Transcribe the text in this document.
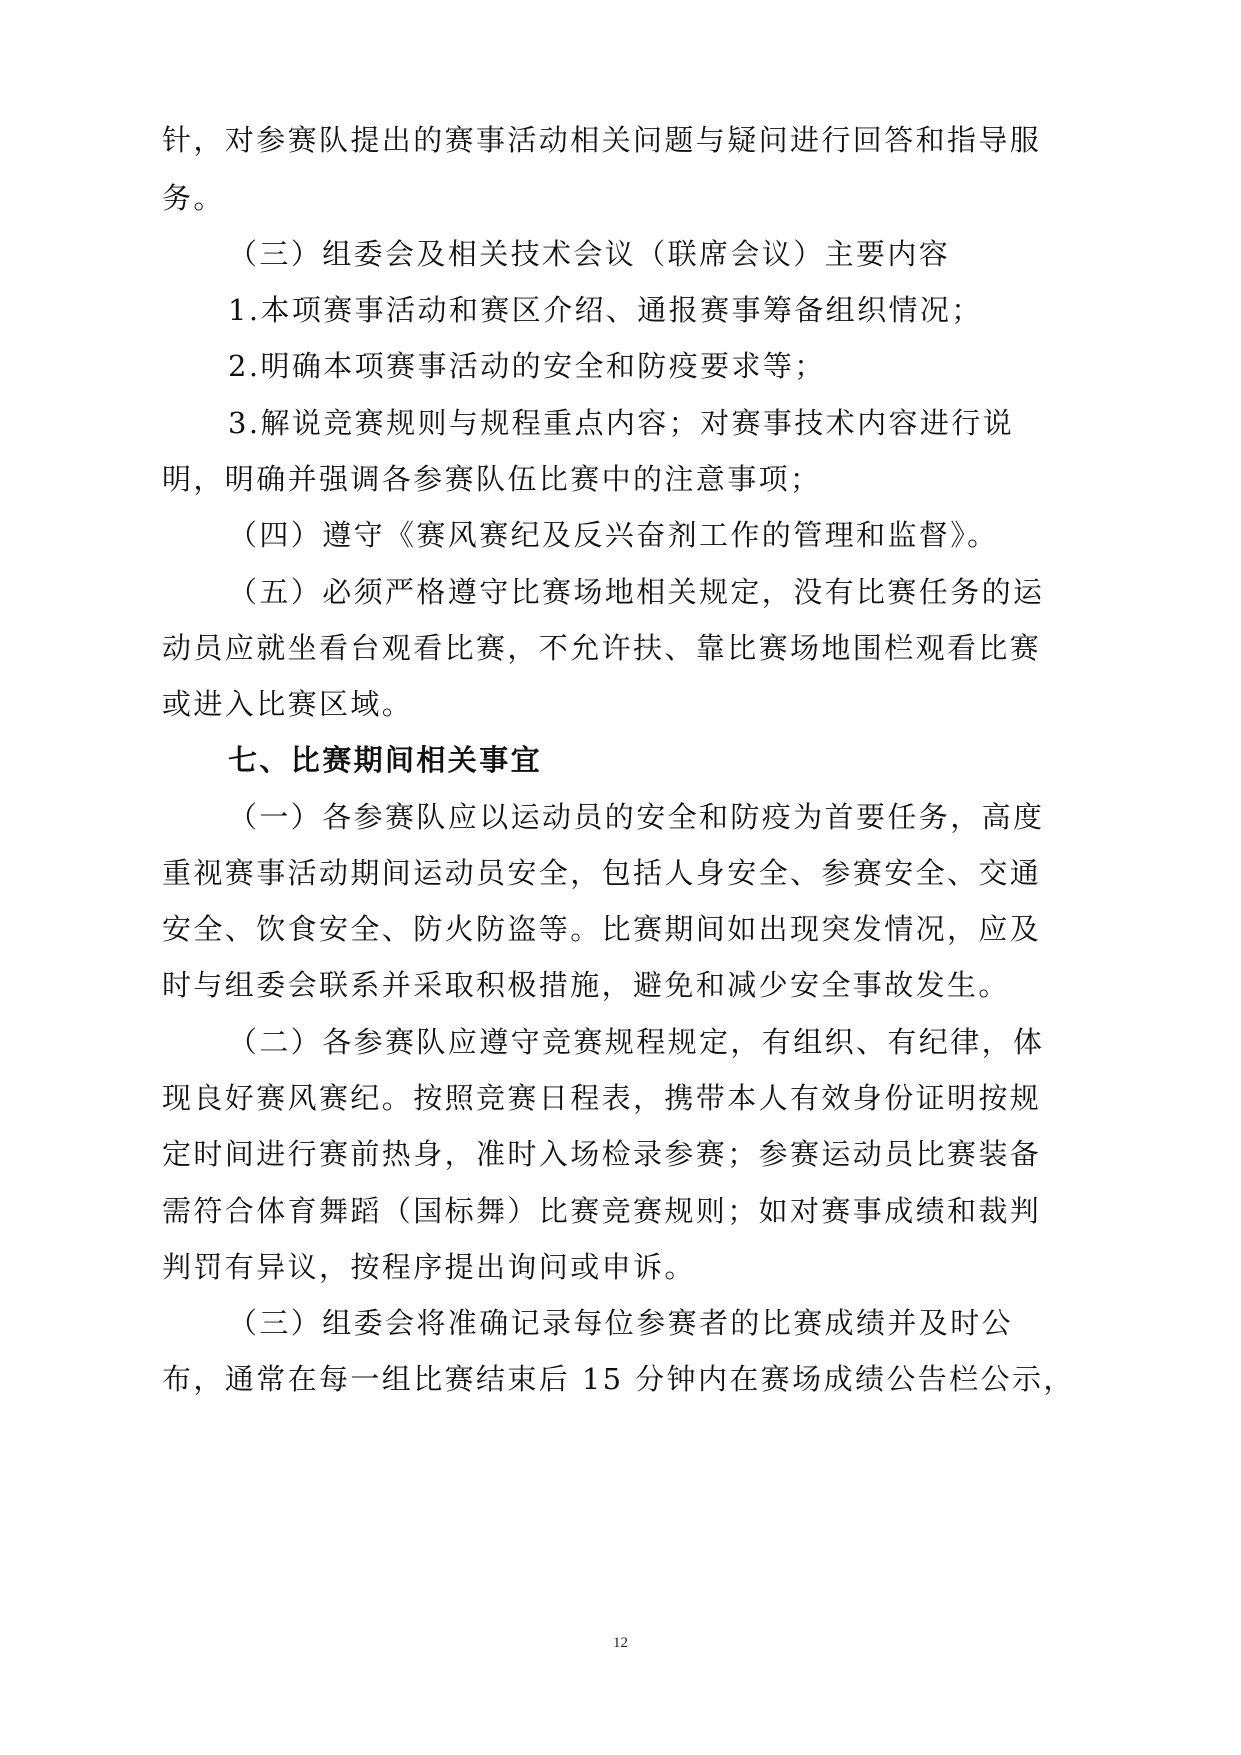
针，对参赛队提出的赛事活动相关问题与疑问进行回答和指导服
务。
（三）组委会及相关技术会议（联席会议）主要内容
1.本项赛事活动和赛区介绍、通报赛事筹备组织情况；
2.明确本项赛事活动的安全和防疫要求等；
3.解说竞赛规则与规程重点内容；对赛事技术内容进行说
明，明确并强调各参赛队伍比赛中的注意事项；
（四）遵守《赛风赛纪及反兴奋剂工作的管理和监督》。
（五）必须严格遵守比赛场地相关规定，没有比赛任务的运
动员应就坐看台观看比赛，不允许扶、靠比赛场地围栏观看比赛
或进入比赛区域。
七、比赛期间相关事宜
（一）各参赛队应以运动员的安全和防疫为首要任务，高度
重视赛事活动期间运动员安全，包括人身安全、参赛安全、交通
安全、饮食安全、防火防盗等。比赛期间如出现突发情况，应及
时与组委会联系并采取积极措施，避免和减少安全事故发生。
（二）各参赛队应遵守竞赛规程规定，有组织、有纪律，体
现良好赛风赛纪。按照竞赛日程表，携带本人有效身份证明按规
定时间进行赛前热身，准时入场检录参赛；参赛运动员比赛装备
需符合体育舞蹈（国标舞）比赛竞赛规则；如对赛事成绩和裁判
判罚有异议，按程序提出询问或申诉。
（三）组委会将准确记录每位参赛者的比赛成绩并及时公
布，通常在每一组比赛结束后 15 分钟内在赛场成绩公告栏公示，
12
